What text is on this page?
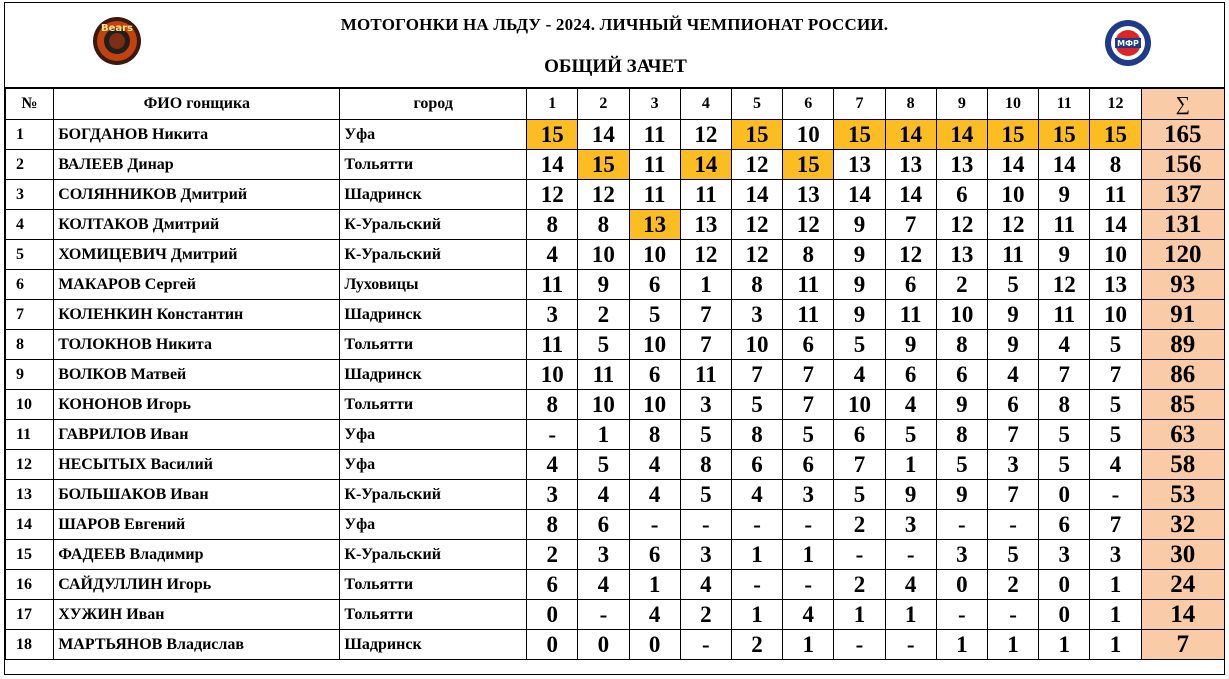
МОТОГОНКИ НА ЛЬДУ - 2024. ЛИЧНЫЙ ЧЕМПИОНАТ РОССИИ.
ОБЩИЙ ЗАЧЕТ
Bears
МФР
№	ФИО гонщика	город	1	2	3	4	5	6	7	8	9	10	11	12	∑
1	БОГДАНОВ Никита	Уфа	15	14	11	12	15	10	15	14	14	15	15	15	165
2	ВАЛЕЕВ Динар	Тольятти	14	15	11	14	12	15	13	13	13	14	14	8	156
3	СОЛЯННИКОВ Дмитрий	Шадринск	12	12	11	11	14	13	14	14	6	10	9	11	137
4	КОЛТАКОВ Дмитрий	К-Уральский	8	8	13	13	12	12	9	7	12	12	11	14	131
5	ХОМИЦЕВИЧ Дмитрий	К-Уральский	4	10	10	12	12	8	9	12	13	11	9	10	120
6	МАКАРОВ Сергей	Луховицы	11	9	6	1	8	11	9	6	2	5	12	13	93
7	КОЛЕНКИН Константин	Шадринск	3	2	5	7	3	11	9	11	10	9	11	10	91
8	ТОЛОКНОВ Никита	Тольятти	11	5	10	7	10	6	5	9	8	9	4	5	89
9	ВОЛКОВ Матвей	Шадринск	10	11	6	11	7	7	4	6	6	4	7	7	86
10	КОНОНОВ Игорь	Тольятти	8	10	10	3	5	7	10	4	9	6	8	5	85
11	ГАВРИЛОВ Иван	Уфа	-	1	8	5	8	5	6	5	8	7	5	5	63
12	НЕСЫТЫХ Василий	Уфа	4	5	4	8	6	6	7	1	5	3	5	4	58
13	БОЛЬШАКОВ Иван	К-Уральский	3	4	4	5	4	3	5	9	9	7	0	-	53
14	ШАРОВ Евгений	Уфа	8	6	-	-	-	-	2	3	-	-	6	7	32
15	ФАДЕЕВ Владимир	К-Уральский	2	3	6	3	1	1	-	-	3	5	3	3	30
16	САЙДУЛЛИН Игорь	Тольятти	6	4	1	4	-	-	2	4	0	2	0	1	24
17	ХУЖИН Иван	Тольятти	0	-	4	2	1	4	1	1	-	-	0	1	14
18	МАРТЬЯНОВ Владислав	Шадринск	0	0	0	-	2	1	-	-	1	1	1	1	7
